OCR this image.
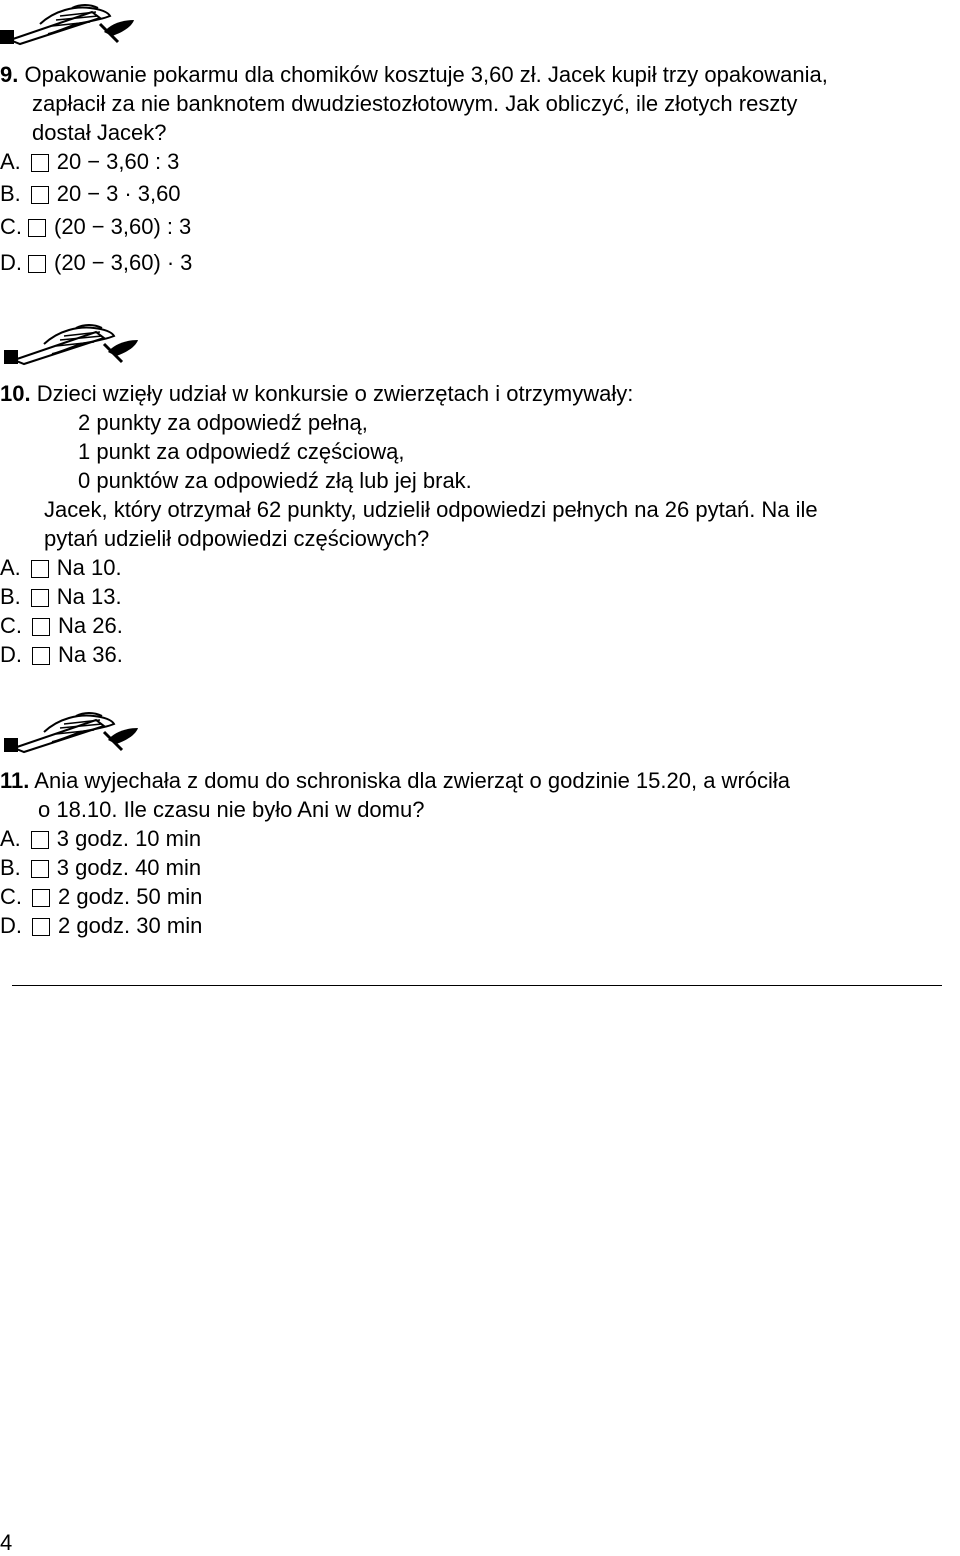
9. Opakowanie pokarmu dla chomików kosztuje 3,60 zł. Jacek kupił trzy opakowania,
zapłacił za nie banknotem dwudziestozłotowym. Jak obliczyć, ile złotych reszty
dostał Jacek?
A. 20 − 3,60 : 3
B. 20 − 3 · 3,60
C. (20 − 3,60) : 3
D. (20 − 3,60) · 3
10. Dzieci wzięły udział w konkursie o zwierzętach i otrzymywały:
2 punkty za odpowiedź pełną,
1 punkt za odpowiedź częściową,
0 punktów za odpowiedź złą lub jej brak.
Jacek, który otrzymał 62 punkty, udzielił odpowiedzi pełnych na 26 pytań. Na ile
pytań udzielił odpowiedzi częściowych?
A. Na 10.
B. Na 13.
C. Na 26.
D. Na 36.
11. Ania wyjechała z domu do schroniska dla zwierząt o godzinie 15.20, a wróciła
o 18.10. Ile czasu nie było Ani w domu?
A. 3 godz. 10 min
B. 3 godz. 40 min
C. 2 godz. 50 min
D. 2 godz. 30 min
4
